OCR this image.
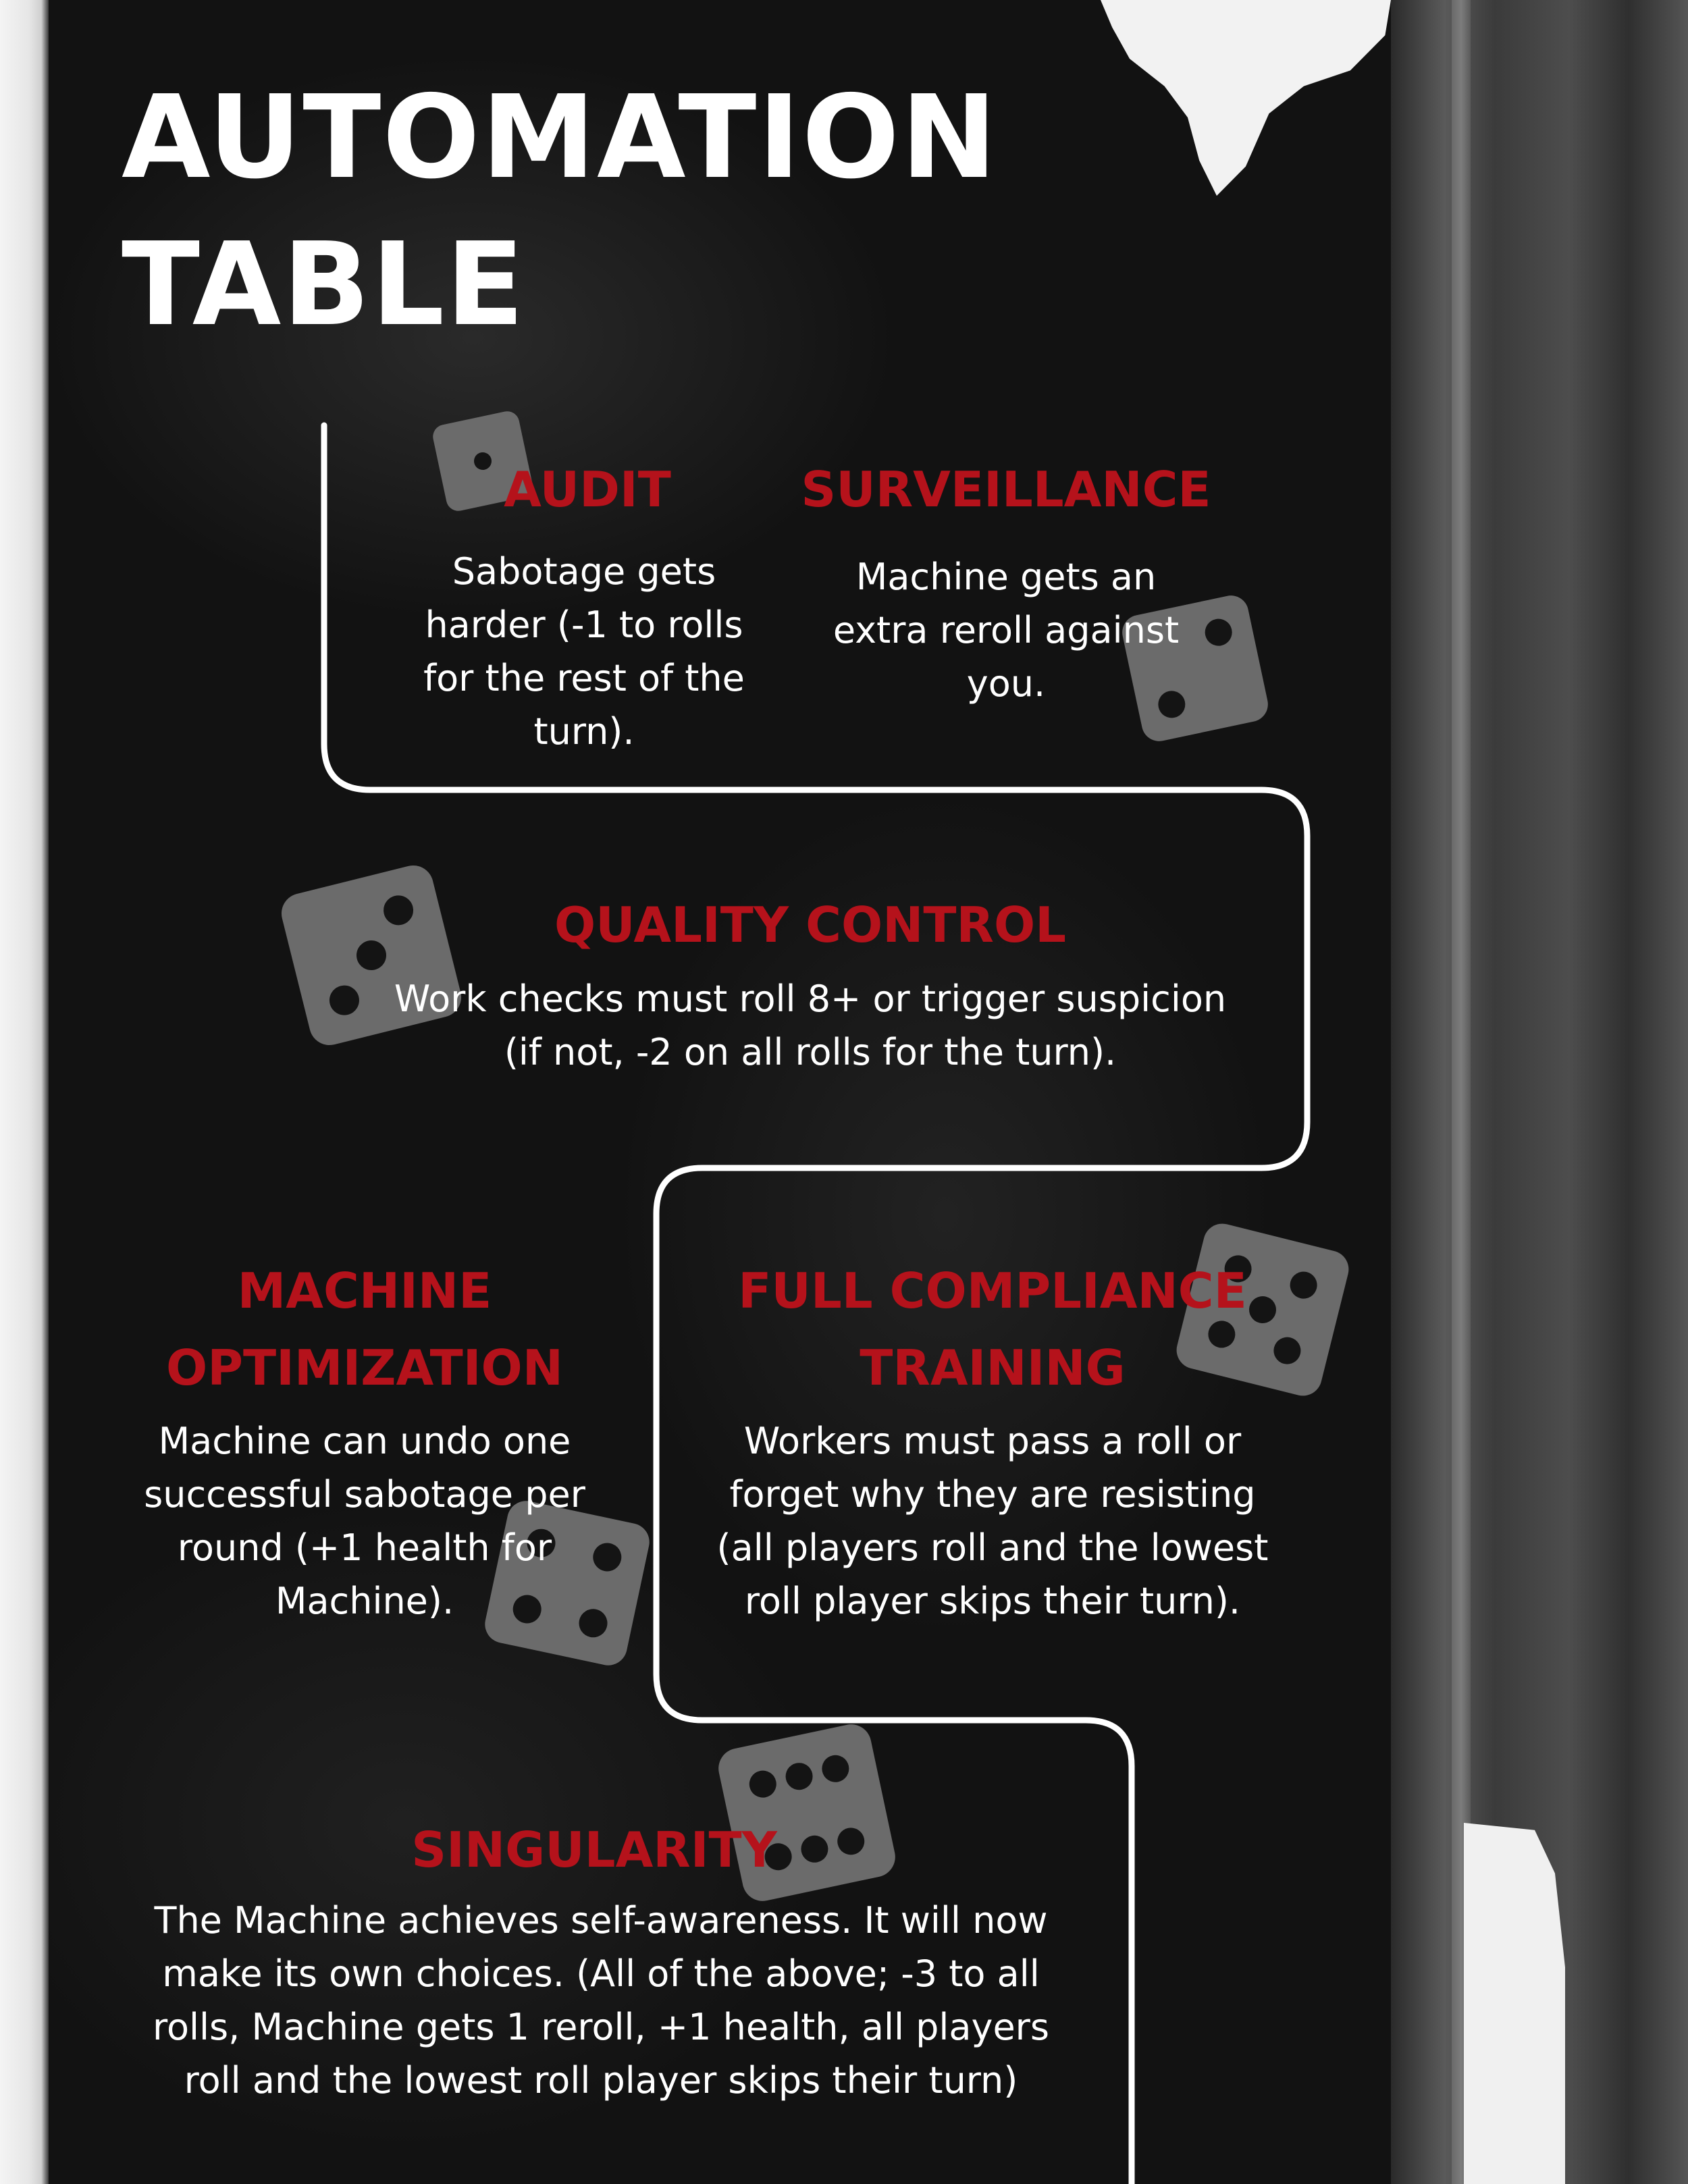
AUTOMATION
TABLE
AUDIT

Sabotage gets harder (-1 to rolls for the rest of the turn).

SURVEILLANCE

Machine gets an extra reroll against you.

QUALITY CONTROL

Work checks must roll 8+ or trigger suspicion (if not, -2 on all rolls for the turn).

MACHINE
OPTIMIZATION

Machine can undo one successful sabotage per round (+1 health for Machine).

FULL COMPLIANCE
TRAINING

Workers must pass a roll or forget why they are resisting (all players roll and the lowest roll player skips their turn).

SINGULARITY

The Machine achieves self-awareness. It will now make its own choices. (All of the above; -3 to all rolls, Machine gets 1 reroll, +1 health, all players roll and the lowest roll player skips their turn)
